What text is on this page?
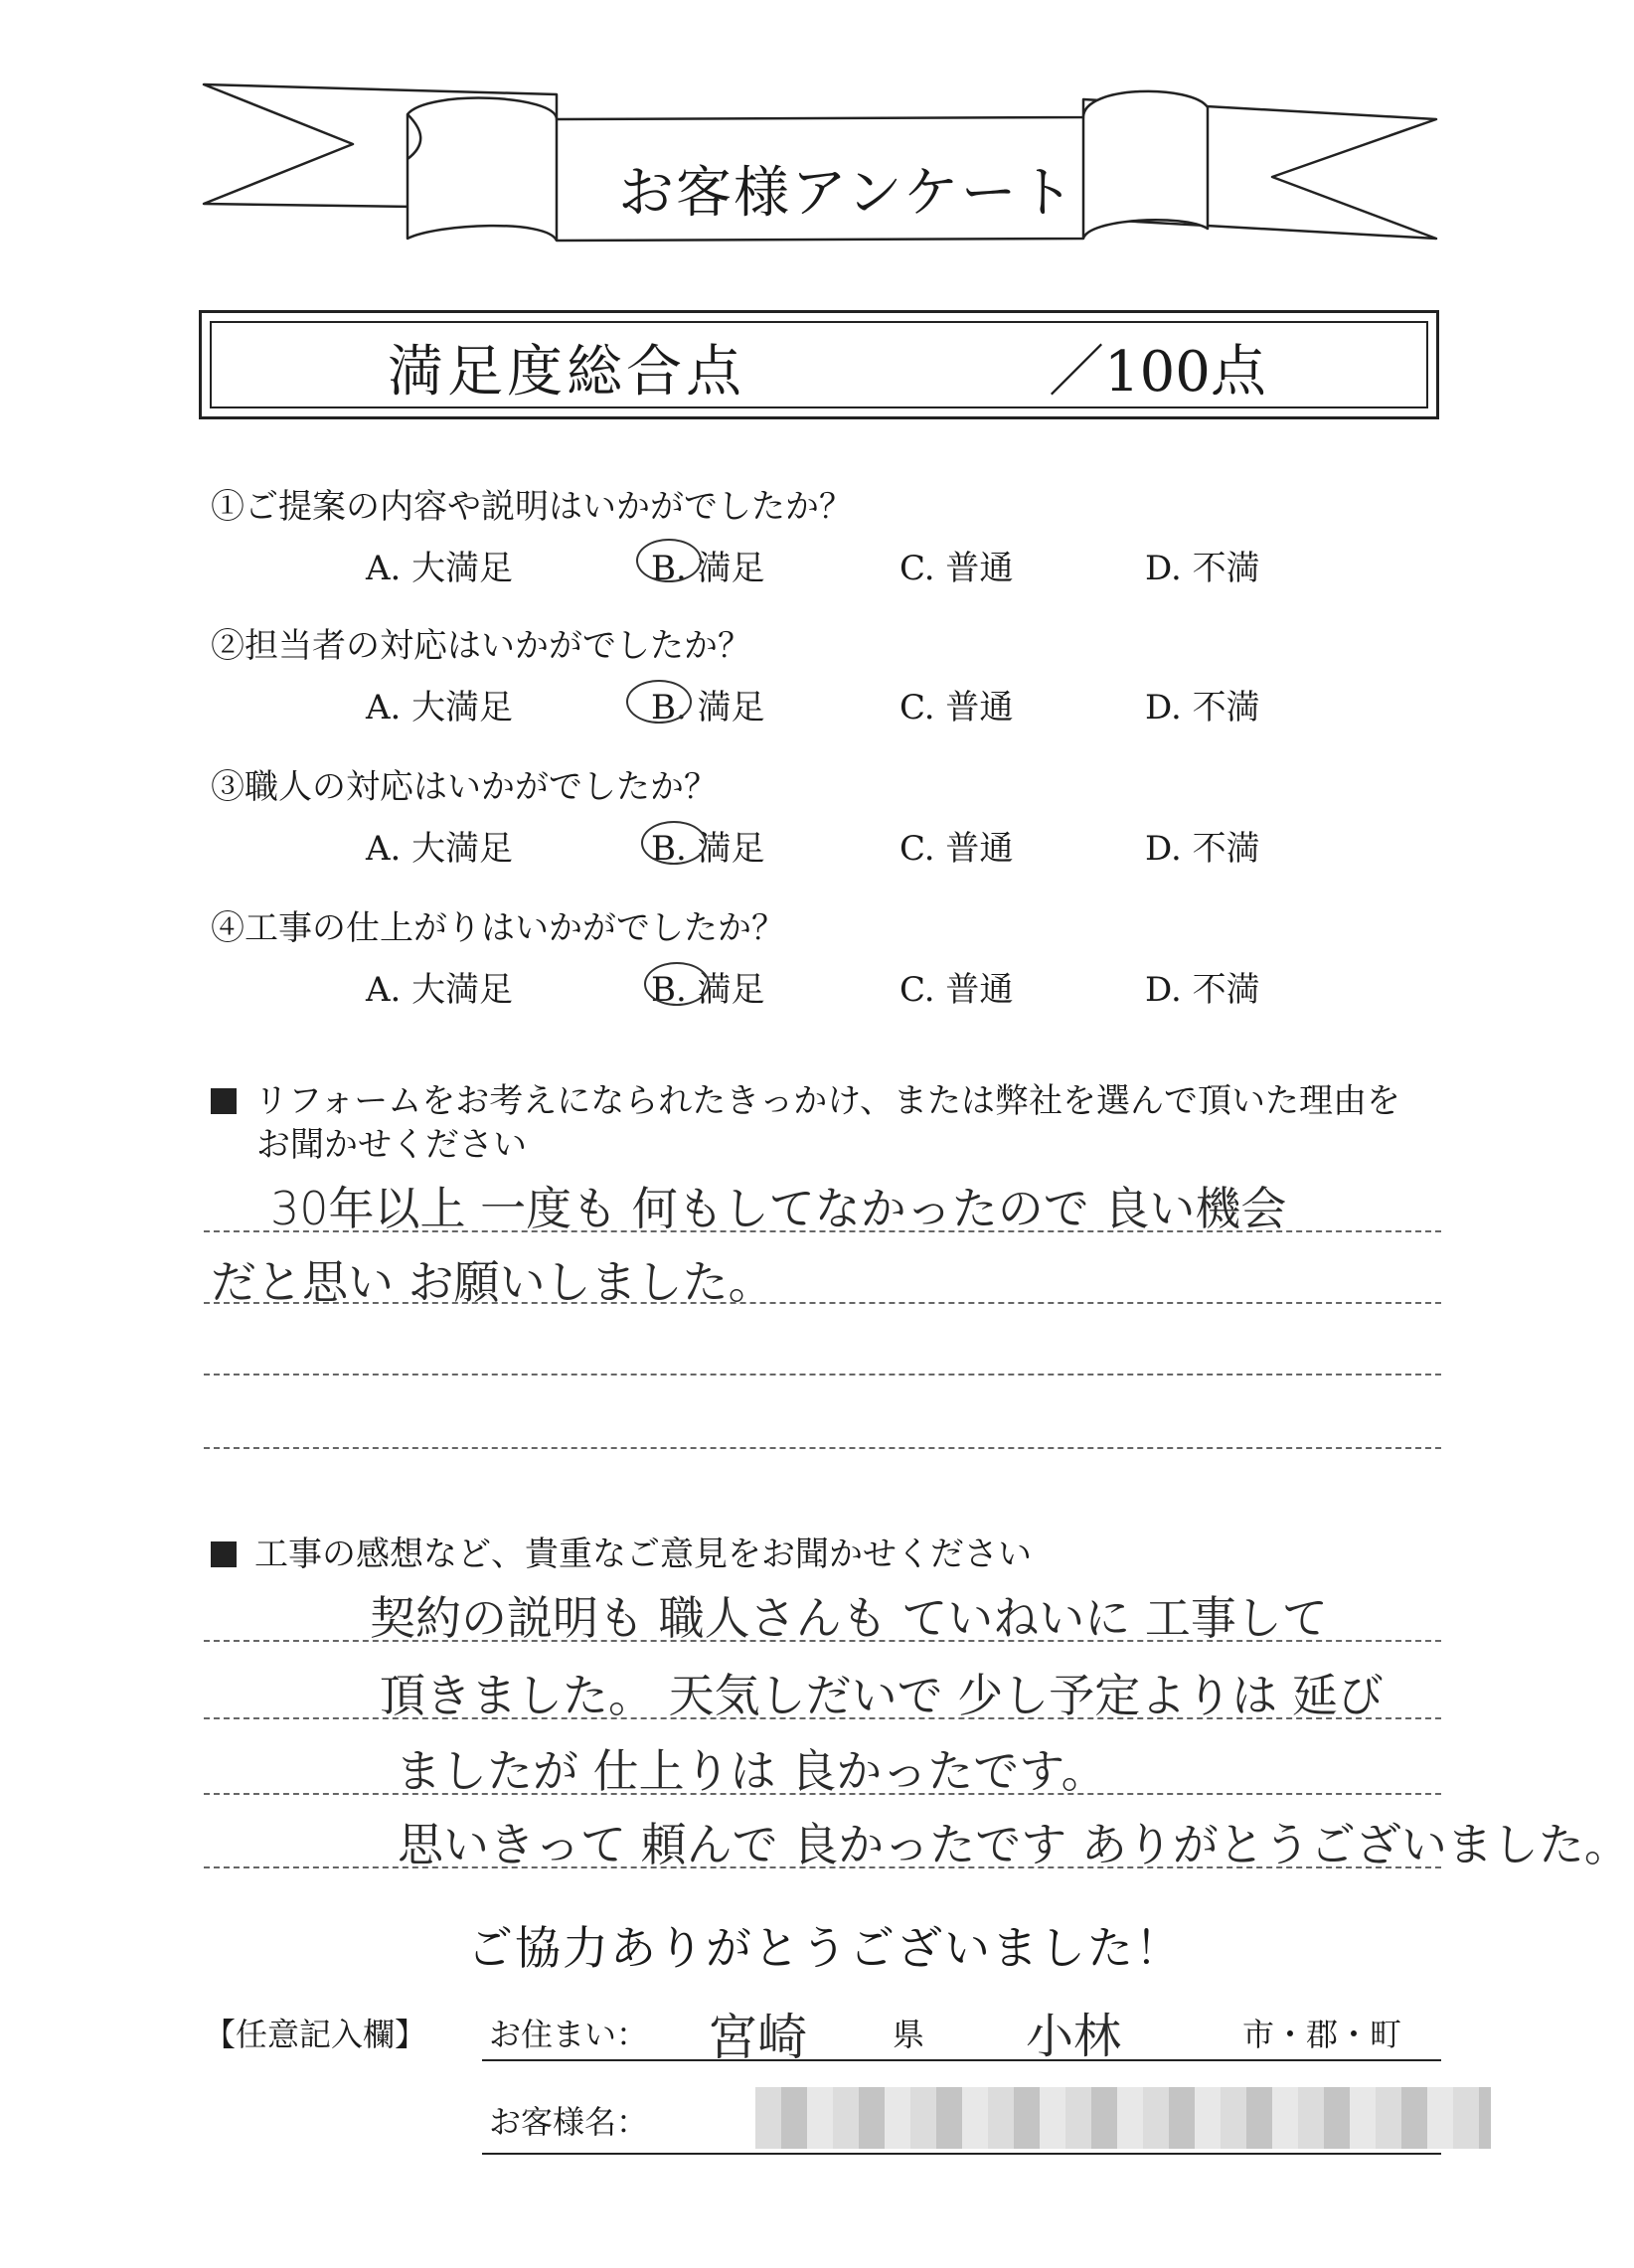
お客様アンケート
満足度総合点	／100点
①ご提案の内容や説明はいかがでしたか？
A. 大満足	B. 満足	C. 普通	D. 不満
②担当者の対応はいかがでしたか？
A. 大満足	B. 満足	C. 普通	D. 不満
③職人の対応はいかがでしたか？
A. 大満足	B. 満足	C. 普通	D. 不満
④工事の仕上がりはいかがでしたか？
A. 大満足	B. 満足	C. 普通	D. 不満
リフォームをお考えになられたきっかけ、または弊社を選んで頂いた理由を
お聞かせください
30年以上 一度も 何もしてなかったので 良い機会
だと思い お願いしました。
工事の感想など、貴重なご意見をお聞かせください
契約の説明も 職人さんも ていねいに 工事して
頂きました。 天気しだいで 少し予定よりは 延び
ましたが 仕上りは 良かったです。
思いきって 頼んで 良かったです ありがとうございました。
ご協力ありがとうございました！
【任意記入欄】 お住まい： 宮崎	県 小林	市・郡・町
お客様名：
